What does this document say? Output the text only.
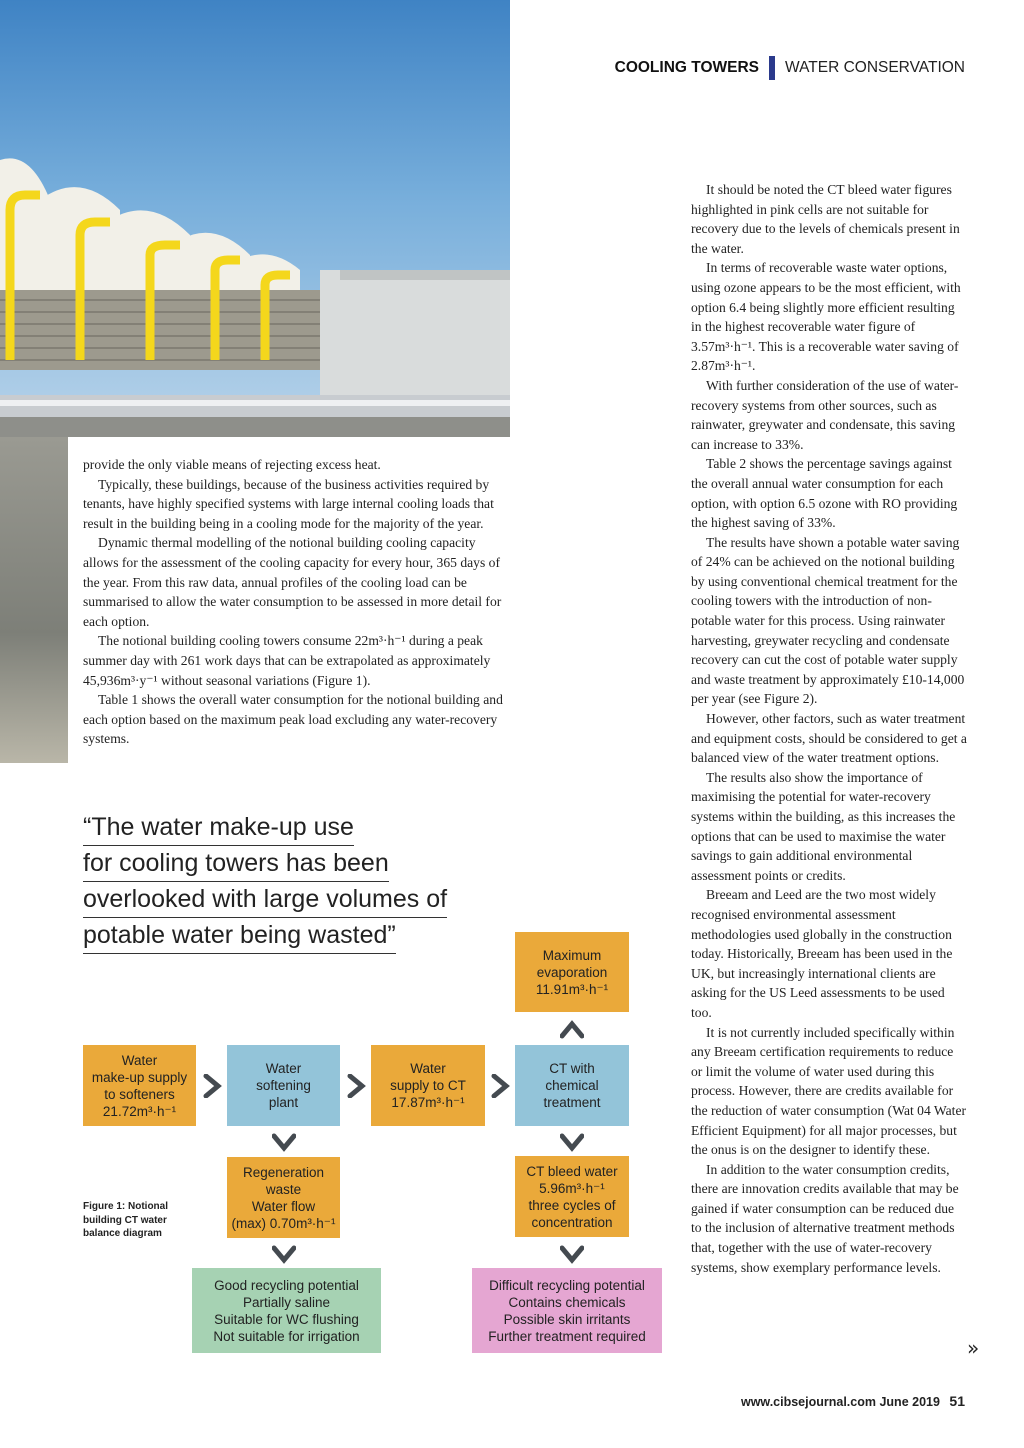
COOLING TOWERS WATER CONSERVATION

provide the only viable means of rejecting excess heat.

Typically, these buildings, because of the business activities required by tenants, have highly specified systems with large internal cooling loads that result in the building being in a cooling mode for the majority of the year.

Dynamic thermal modelling of the notional building cooling capacity allows for the assessment of the cooling capacity for every hour, 365 days of the year. From this raw data, annual profiles of the cooling load can be summarised to allow the water consumption to be assessed in more detail for each option.

The notional building cooling towers consume 22m³·h⁻¹ during a peak summer day with 261 work days that can be extrapolated as approximately 45,936m³·y⁻¹ without seasonal variations (Figure 1).

Table 1 shows the overall water consumption for the notional building and each option based on the maximum peak load excluding any water-recovery systems.

“The water make-up use
for cooling towers has been
overlooked with large volumes of
potable water being wasted”

It should be noted the CT bleed water figures highlighted in pink cells are not suitable for recovery due to the levels of chemicals present in the water.

In terms of recoverable waste water options, using ozone appears to be the most efficient, with option 6.4 being slightly more efficient resulting in the highest recoverable water figure of 3.57m³·h⁻¹. This is a recoverable water saving of 2.87m³·h⁻¹.

With further consideration of the use of water-recovery systems from other sources, such as rainwater, greywater and condensate, this saving can increase to 33%.

Table 2 shows the percentage savings against the overall annual water consumption for each option, with option 6.5 ozone with RO providing the highest saving of 33%.

The results have shown a potable water saving of 24% can be achieved on the notional building by using conventional chemical treatment for the cooling towers with the introduction of non-potable water for this process. Using rainwater harvesting, greywater recycling and condensate recovery can cut the cost of potable water supply and waste treatment by approximately £10-14,000 per year (see Figure 2).

However, other factors, such as water treatment and equipment costs, should be considered to get a balanced view of the water treatment options.

The results also show the importance of maximising the potential for water-recovery systems within the building, as this increases the options that can be used to maximise the water savings to gain additional environmental assessment points or credits.

Breeam and Leed are the two most widely recognised environmental assessment methodologies used globally in the construction today. Historically, Breeam has been used in the UK, but increasingly international clients are asking for the US Leed assessments to be used too.

It is not currently included specifically within any Breeam certification requirements to reduce or limit the volume of water used during this process. However, there are credits available for the reduction of water consumption (Wat 04 Water Efficient Equipment) for all major processes, but the onus is on the designer to identify these.

In addition to the water consumption credits, there are innovation credits available that may be gained if water consumption can be reduced due to the inclusion of alternative treatment methods that, together with the use of water-recovery systems, show exemplary performance levels.

Maximum
evaporation
11.91m³·h⁻¹
Water
make-up supply
to softeners
21.72m³·h⁻¹
Water
softening
plant
Water
supply to CT
17.87m³·h⁻¹
CT with
chemical
treatment
Regeneration
waste
Water flow
(max) 0.70m³·h⁻¹
CT bleed water
5.96m³·h⁻¹
three cycles of
concentration
Good recycling potential
Partially saline
Suitable for WC flushing
Not suitable for irrigation
Difficult recycling potential
Contains chemicals
Possible skin irritants
Further treatment required
Figure 1: Notional
building CT water
balance diagram
»
www.cibsejournal.com June 2019 51
